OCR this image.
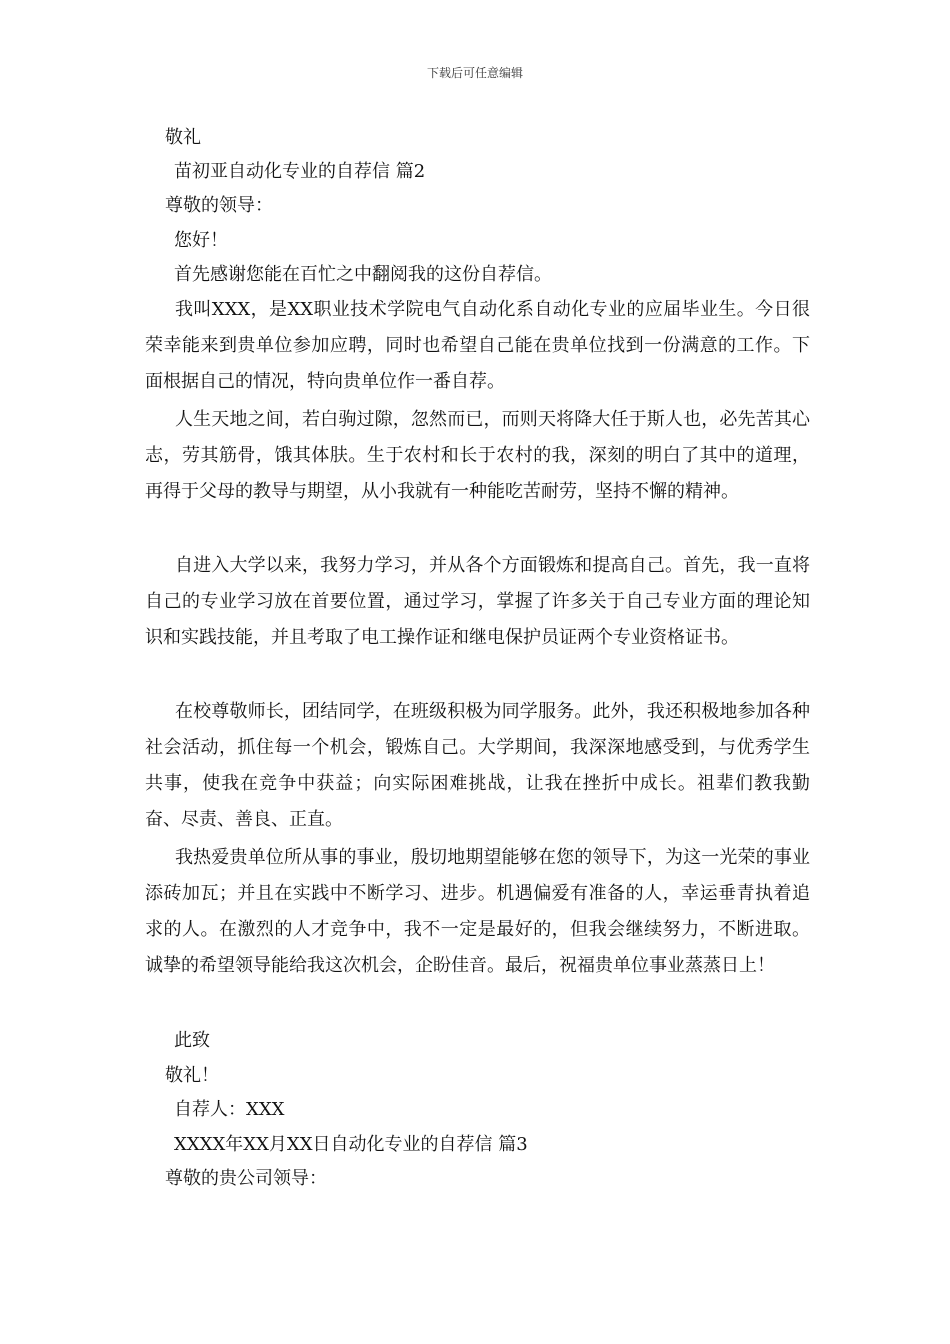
下载后可任意编辑
敬礼
苗初亚自动化专业的自荐信 篇2
尊敬的领导：
您好！
首先感谢您能在百忙之中翻阅我的这份自荐信。
我叫XXX，是XX职业技术学院电气自动化系自动化专业的应届毕业生。今日很荣幸能来到贵单位参加应聘，同时也希望自己能在贵单位找到一份满意的工作。下面根据自己的情况，特向贵单位作一番自荐。
人生天地之间，若白驹过隙，忽然而已，而则天将降大任于斯人也，必先苦其心志，劳其筋骨，饿其体肤。生于农村和长于农村的我，深刻的明白了其中的道理，再得于父母的教导与期望，从小我就有一种能吃苦耐劳，坚持不懈的精神。
自进入大学以来，我努力学习，并从各个方面锻炼和提高自己。首先，我一直将自己的专业学习放在首要位置，通过学习，掌握了许多关于自己专业方面的理论知识和实践技能，并且考取了电工操作证和继电保护员证两个专业资格证书。
在校尊敬师长，团结同学，在班级积极为同学服务。此外，我还积极地参加各种社会活动，抓住每一个机会，锻炼自己。大学期间，我深深地感受到，与优秀学生共事，使我在竞争中获益；向实际困难挑战，让我在挫折中成长。祖辈们教我勤奋、尽责、善良、正直。
我热爱贵单位所从事的事业，殷切地期望能够在您的领导下，为这一光荣的事业添砖加瓦；并且在实践中不断学习、进步。机遇偏爱有准备的人，幸运垂青执着追求的人。在激烈的人才竞争中，我不一定是最好的，但我会继续努力，不断进取。诚挚的希望领导能给我这次机会，企盼佳音。最后，祝福贵单位事业蒸蒸日上！
此致
敬礼！
自荐人：XXX
XXXX年XX月XX日自动化专业的自荐信 篇3
尊敬的贵公司领导：
